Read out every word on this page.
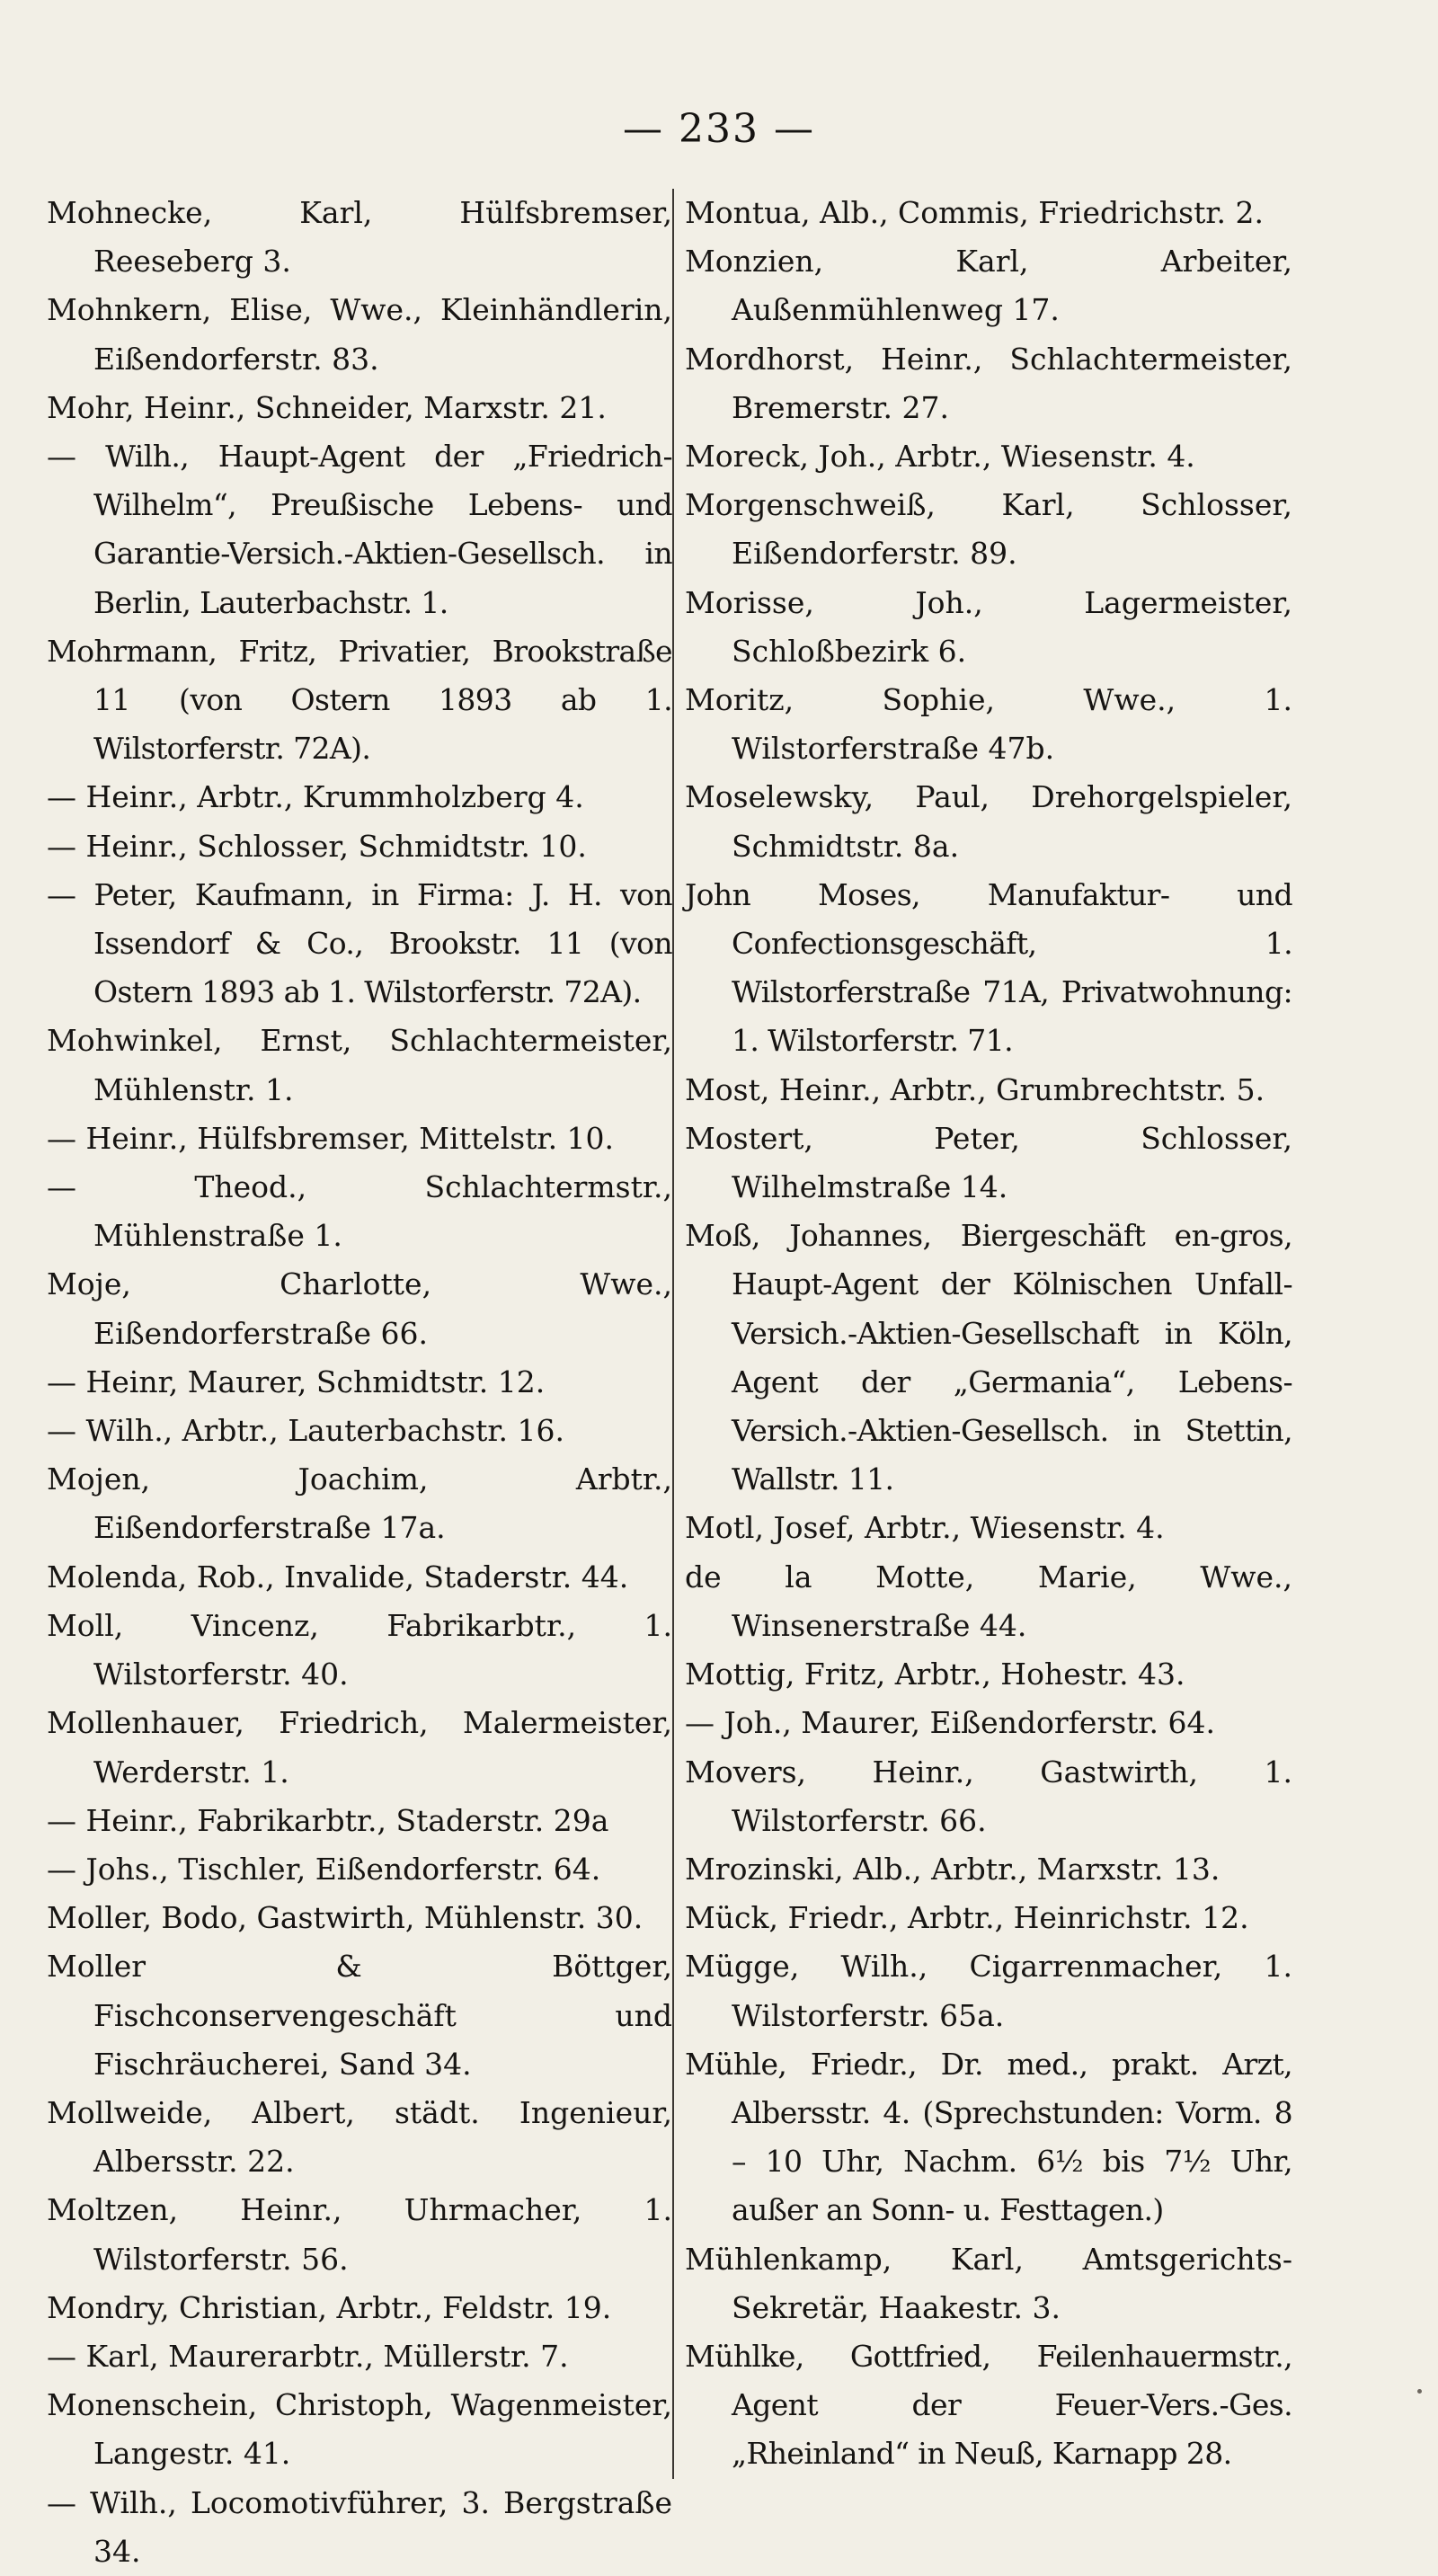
— 233 —

Mohnecke, Karl, Hülfsbremser, Reeseberg 3.

Mohnkern, Elise, Wwe., Kleinhändlerin, Eißendorferstr. 83.

Mohr, Heinr., Schneider, Marxstr. 21.

— Wilh., Haupt-Agent der „Friedrich-Wilhelm“, Preußische Lebens- und Garantie-Versich.-Aktien-Gesellsch. in Berlin, Lauterbachstr. 1.

Mohrmann, Fritz, Privatier, Brookstraße 11 (von Ostern 1893 ab 1. Wilstorferstr. 72A).

— Heinr., Arbtr., Krummholzberg 4.

— Heinr., Schlosser, Schmidtstr. 10.

— Peter, Kaufmann, in Firma: J. H. von Issendorf & Co., Brookstr. 11 (von Ostern 1893 ab 1. Wilstorferstr. 72A).

Mohwinkel, Ernst, Schlachtermeister, Mühlenstr. 1.

— Heinr., Hülfsbremser, Mittelstr. 10.

— Theod., Schlachtermstr., Mühlenstraße 1.

Moje, Charlotte, Wwe., Eißendorferstraße 66.

— Heinr, Maurer, Schmidtstr. 12.

— Wilh., Arbtr., Lauterbachstr. 16.

Mojen, Joachim, Arbtr., Eißendorferstraße 17a.

Molenda, Rob., Invalide, Staderstr. 44.

Moll, Vincenz, Fabrikarbtr., 1. Wilstorferstr. 40.

Mollenhauer, Friedrich, Malermeister, Werderstr. 1.

— Heinr., Fabrikarbtr., Staderstr. 29a

— Johs., Tischler, Eißendorferstr. 64.

Moller, Bodo, Gastwirth, Mühlenstr. 30.

Moller & Böttger, Fischconservengeschäft und Fischräucherei, Sand 34.

Mollweide, Albert, städt. Ingenieur, Albersstr. 22.

Moltzen, Heinr., Uhrmacher, 1. Wilstorferstr. 56.

Mondry, Christian, Arbtr., Feldstr. 19.

— Karl, Maurerarbtr., Müllerstr. 7.

Monenschein, Christoph, Wagenmeister, Langestr. 41.

— Wilh., Locomotivführer, 3. Bergstraße 34.

Montua, Alb., Commis, Friedrichstr. 2.

Monzien, Karl, Arbeiter, Außenmühlenweg 17.

Mordhorst, Heinr., Schlachtermeister, Bremerstr. 27.

Moreck, Joh., Arbtr., Wiesenstr. 4.

Morgenschweiß, Karl, Schlosser, Eißendorferstr. 89.

Morisse, Joh., Lagermeister, Schloßbezirk 6.

Moritz, Sophie, Wwe., 1. Wilstorferstraße 47b.

Moselewsky, Paul, Drehorgelspieler, Schmidtstr. 8a.

John Moses, Manufaktur- und Confectionsgeschäft, 1. Wilstorferstraße 71A, Privatwohnung: 1. Wilstorferstr. 71.

Most, Heinr., Arbtr., Grumbrechtstr. 5.

Mostert, Peter, Schlosser, Wilhelmstraße 14.

Moß, Johannes, Biergeschäft en-gros, Haupt-Agent der Kölnischen Unfall-Versich.-Aktien-Gesellschaft in Köln, Agent der „Germania“, Lebens-Versich.-Aktien-Gesellsch. in Stettin, Wallstr. 11.

Motl, Josef, Arbtr., Wiesenstr. 4.

de la Motte, Marie, Wwe., Winsenerstraße 44.

Mottig, Fritz, Arbtr., Hohestr. 43.

— Joh., Maurer, Eißendorferstr. 64.

Movers, Heinr., Gastwirth, 1. Wilstorferstr. 66.

Mrozinski, Alb., Arbtr., Marxstr. 13.

Mück, Friedr., Arbtr., Heinrichstr. 12.

Mügge, Wilh., Cigarrenmacher, 1. Wilstorferstr. 65a.

Mühle, Friedr., Dr. med., prakt. Arzt, Albersstr. 4. (Sprechstunden: Vorm. 8 – 10 Uhr, Nachm. 6½ bis 7½ Uhr, außer an Sonn- u. Festtagen.)

Mühlenkamp, Karl, Amtsgerichts-Sekretär, Haakestr. 3.

Mühlke, Gottfried, Feilenhauermstr., Agent der Feuer-Vers.-Ges. „Rheinland“ in Neuß, Karnapp 28.
